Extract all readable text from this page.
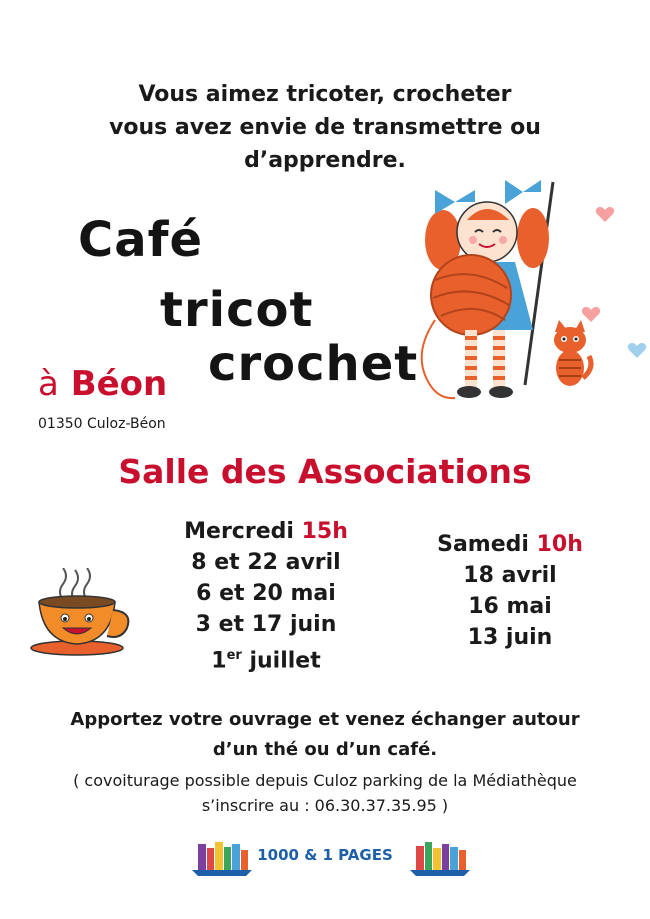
Vous aimez tricoter, crocheter
vous avez envie de transmettre ou
d’apprendre.
Café
tricot
crochet
à Béon
01350 Culoz-Béon
Salle des Associations
Mercredi 15h
8 et 22 avril
6 et 20 mai
3 et 17 juin
1er juillet
Samedi 10h
18 avril
16 mai
13 juin
Apportez votre ouvrage et venez échanger autour
d’un thé ou d’un café.
( covoiturage possible depuis Culoz parking de la Médiathèque
s’inscrire au : 06.30.37.35.95 )
1000 & 1 PAGES
